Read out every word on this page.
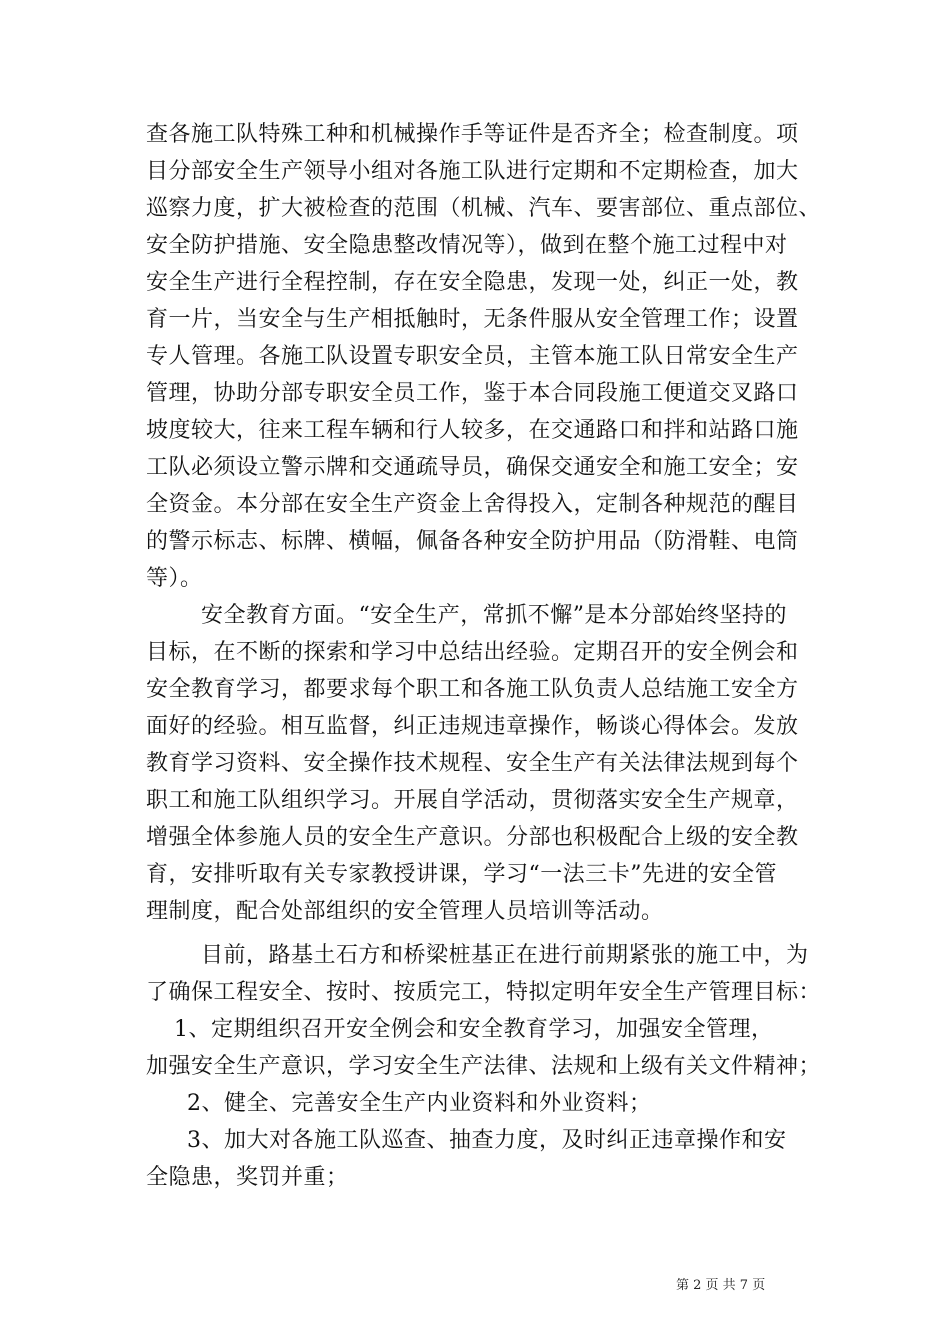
查各施工队特殊工种和机械操作手等证件是否齐全；检查制度。项
目分部安全生产领导小组对各施工队进行定期和不定期检查，加大
巡察力度，扩大被检查的范围（机械、汽车、要害部位、重点部位、
安全防护措施、安全隐患整改情况等），做到在整个施工过程中对
安全生产进行全程控制，存在安全隐患，发现一处，纠正一处，教
育一片，当安全与生产相抵触时，无条件服从安全管理工作；设置
专人管理。各施工队设置专职安全员，主管本施工队日常安全生产
管理，协助分部专职安全员工作，鉴于本合同段施工便道交叉路口
坡度较大，往来工程车辆和行人较多，在交通路口和拌和站路口施
工队必须设立警示牌和交通疏导员，确保交通安全和施工安全；安
全资金。本分部在安全生产资金上舍得投入，定制各种规范的醒目
的警示标志、标牌、横幅，佩备各种安全防护用品（防滑鞋、电筒
等）。
安全教育方面。“安全生产，常抓不懈”是本分部始终坚持的
目标，在不断的探索和学习中总结出经验。定期召开的安全例会和
安全教育学习，都要求每个职工和各施工队负责人总结施工安全方
面好的经验。相互监督，纠正违规违章操作，畅谈心得体会。发放
教育学习资料、安全操作技术规程、安全生产有关法律法规到每个
职工和施工队组织学习。开展自学活动，贯彻落实安全生产规章，
增强全体参施人员的安全生产意识。分部也积极配合上级的安全教
育，安排听取有关专家教授讲课，学习“一法三卡”先进的安全管
理制度，配合处部组织的安全管理人员培训等活动。
目前，路基土石方和桥梁桩基正在进行前期紧张的施工中，为
了确保工程安全、按时、按质完工，特拟定明年安全生产管理目标：
1、定期组织召开安全例会和安全教育学习，加强安全管理，
加强安全生产意识，学习安全生产法律、法规和上级有关文件精神；
2、健全、完善安全生产内业资料和外业资料；
3、加大对各施工队巡查、抽查力度，及时纠正违章操作和安
全隐患，奖罚并重；
第 2 页 共 7 页
